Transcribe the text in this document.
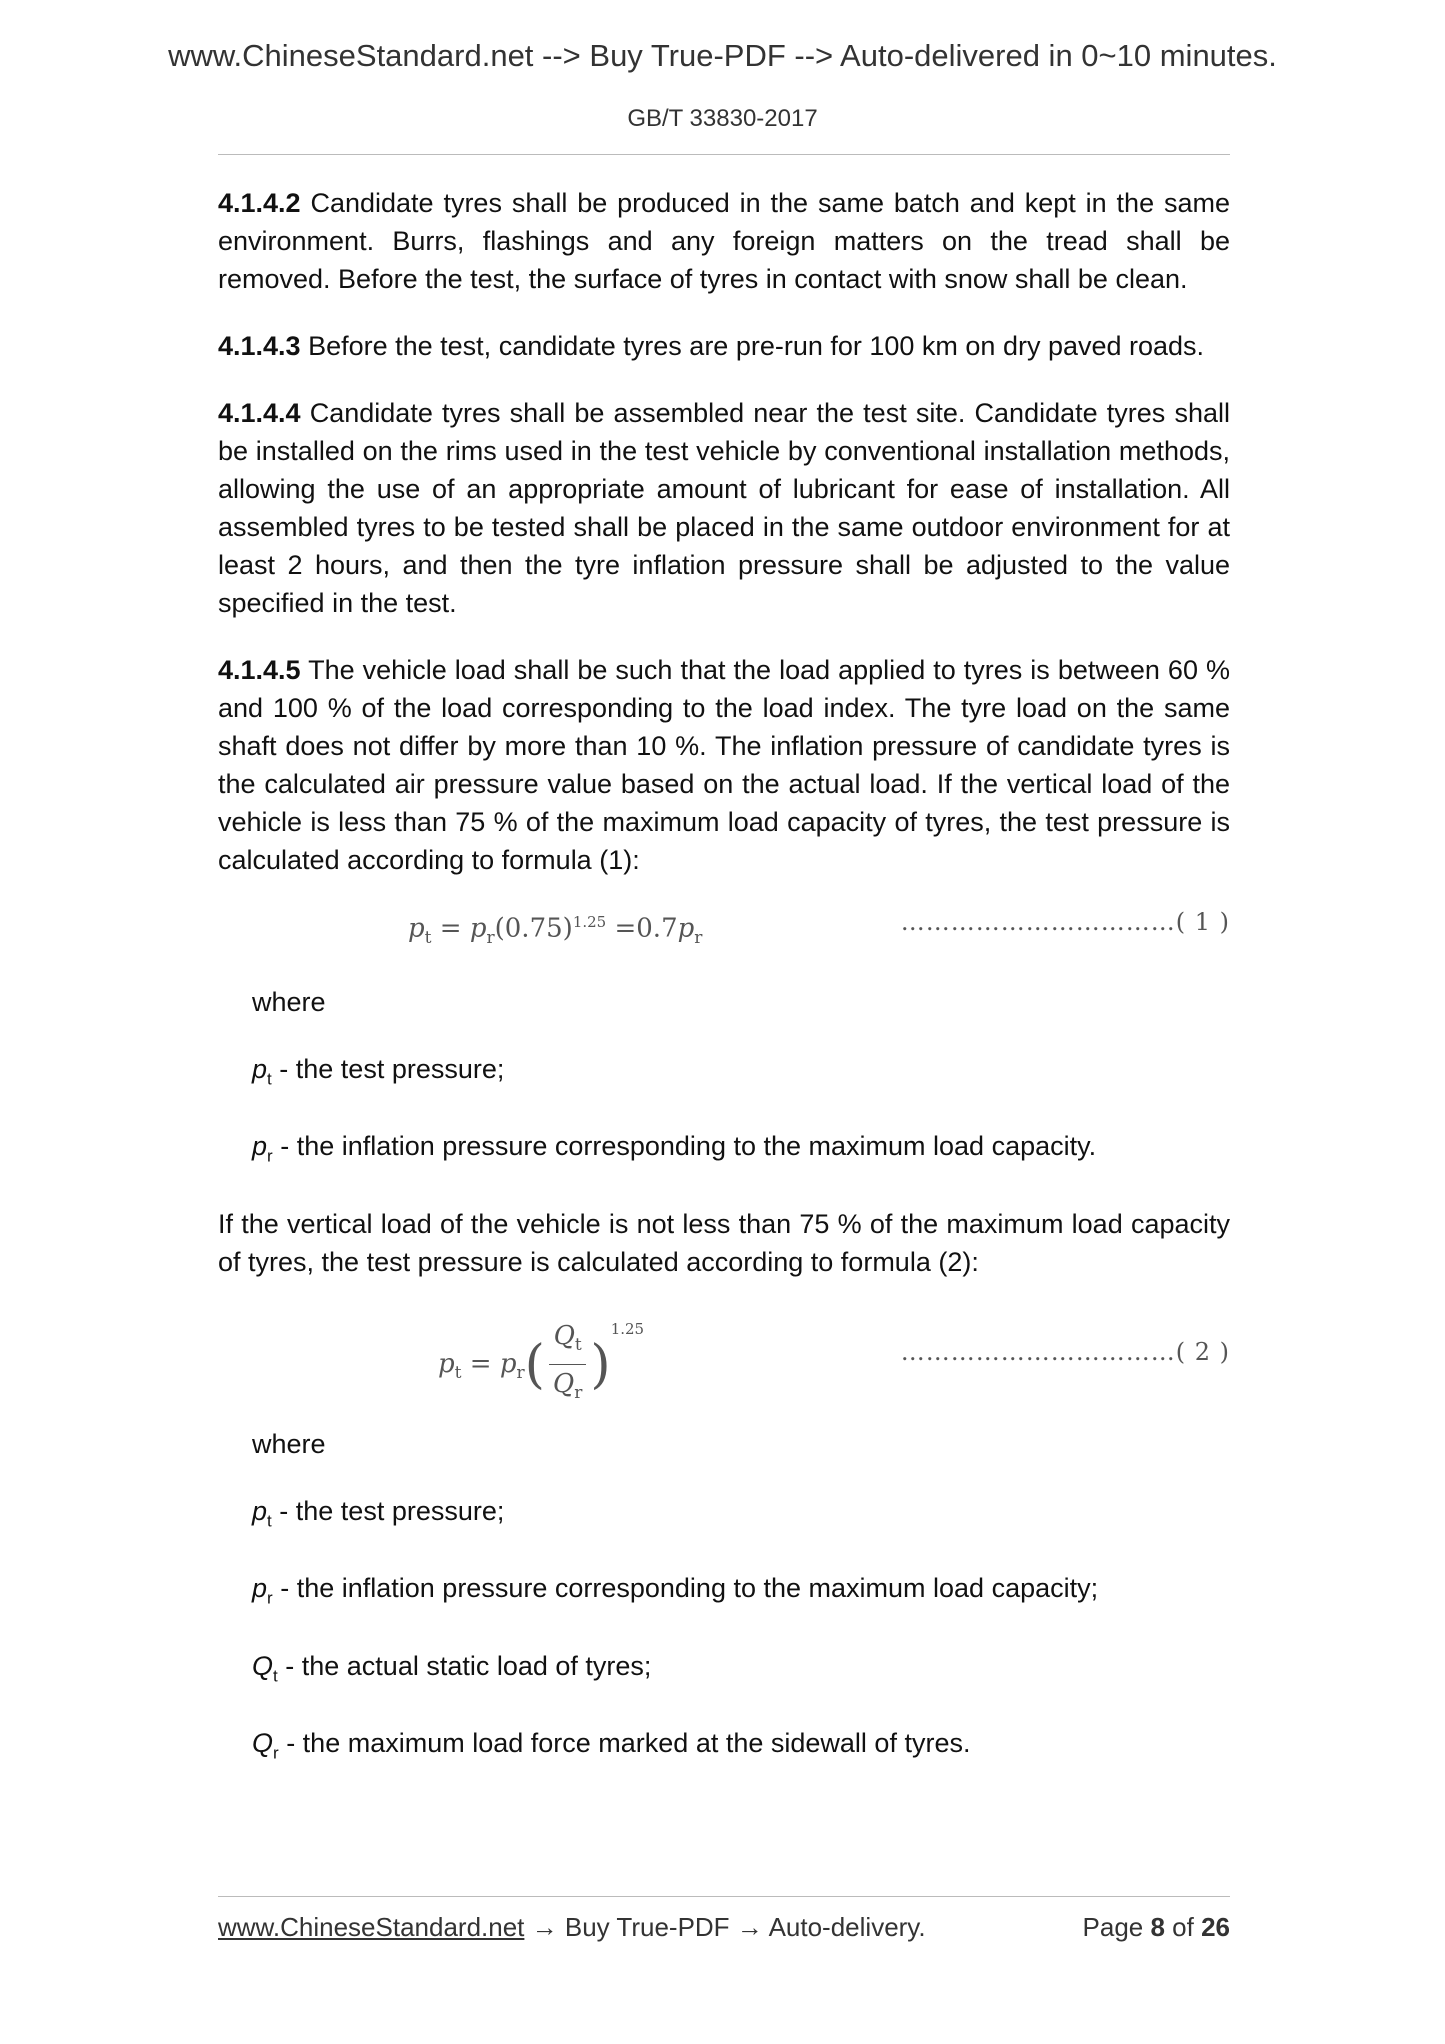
www.ChineseStandard.net --> Buy True-PDF --> Auto-delivered in 0~10 minutes.
GB/T 33830-2017

4.1.4.2 Candidate tyres shall be produced in the same batch and kept in the same environment. Burrs, flashings and any foreign matters on the tread shall be removed. Before the test, the surface of tyres in contact with snow shall be clean.

4.1.4.3 Before the test, candidate tyres are pre-run for 100 km on dry paved roads.

4.1.4.4 Candidate tyres shall be assembled near the test site. Candidate tyres shall be installed on the rims used in the test vehicle by conventional installation methods, allowing the use of an appropriate amount of lubricant for ease of installation. All assembled tyres to be tested shall be placed in the same outdoor environment for at least 2 hours, and then the tyre inflation pressure shall be adjusted to the value specified in the test.

4.1.4.5 The vehicle load shall be such that the load applied to tyres is between 60 % and 100 % of the load corresponding to the load index. The tyre load on the same shaft does not differ by more than 10 %. The inflation pressure of candidate tyres is the calculated air pressure value based on the actual load. If the vertical load of the vehicle is less than 75 % of the maximum load capacity of tyres, the test pressure is calculated according to formula (1):

$p_t = p_r(0.75)^{1.25} =0.7p_r$
……………………………( 1 )
where
$p_t$ - the test pressure;
$p_r$ - the inflation pressure corresponding to the maximum load capacity.

If the vertical load of the vehicle is not less than 75 % of the maximum load capacity of tyres, the test pressure is calculated according to formula (2):

$p_t = p_r( \frac{Q_t}{Q_r} )^{1.25}$
……………………………( 2 )
where
$p_t$ - the test pressure;
$p_r$ - the inflation pressure corresponding to the maximum load capacity;
$Q_t$ - the actual static load of tyres;
$Q_r$ - the maximum load force marked at the sidewall of tyres.
www.ChineseStandard.net → Buy True-PDF → Auto-delivery.	Page 8 of 26
